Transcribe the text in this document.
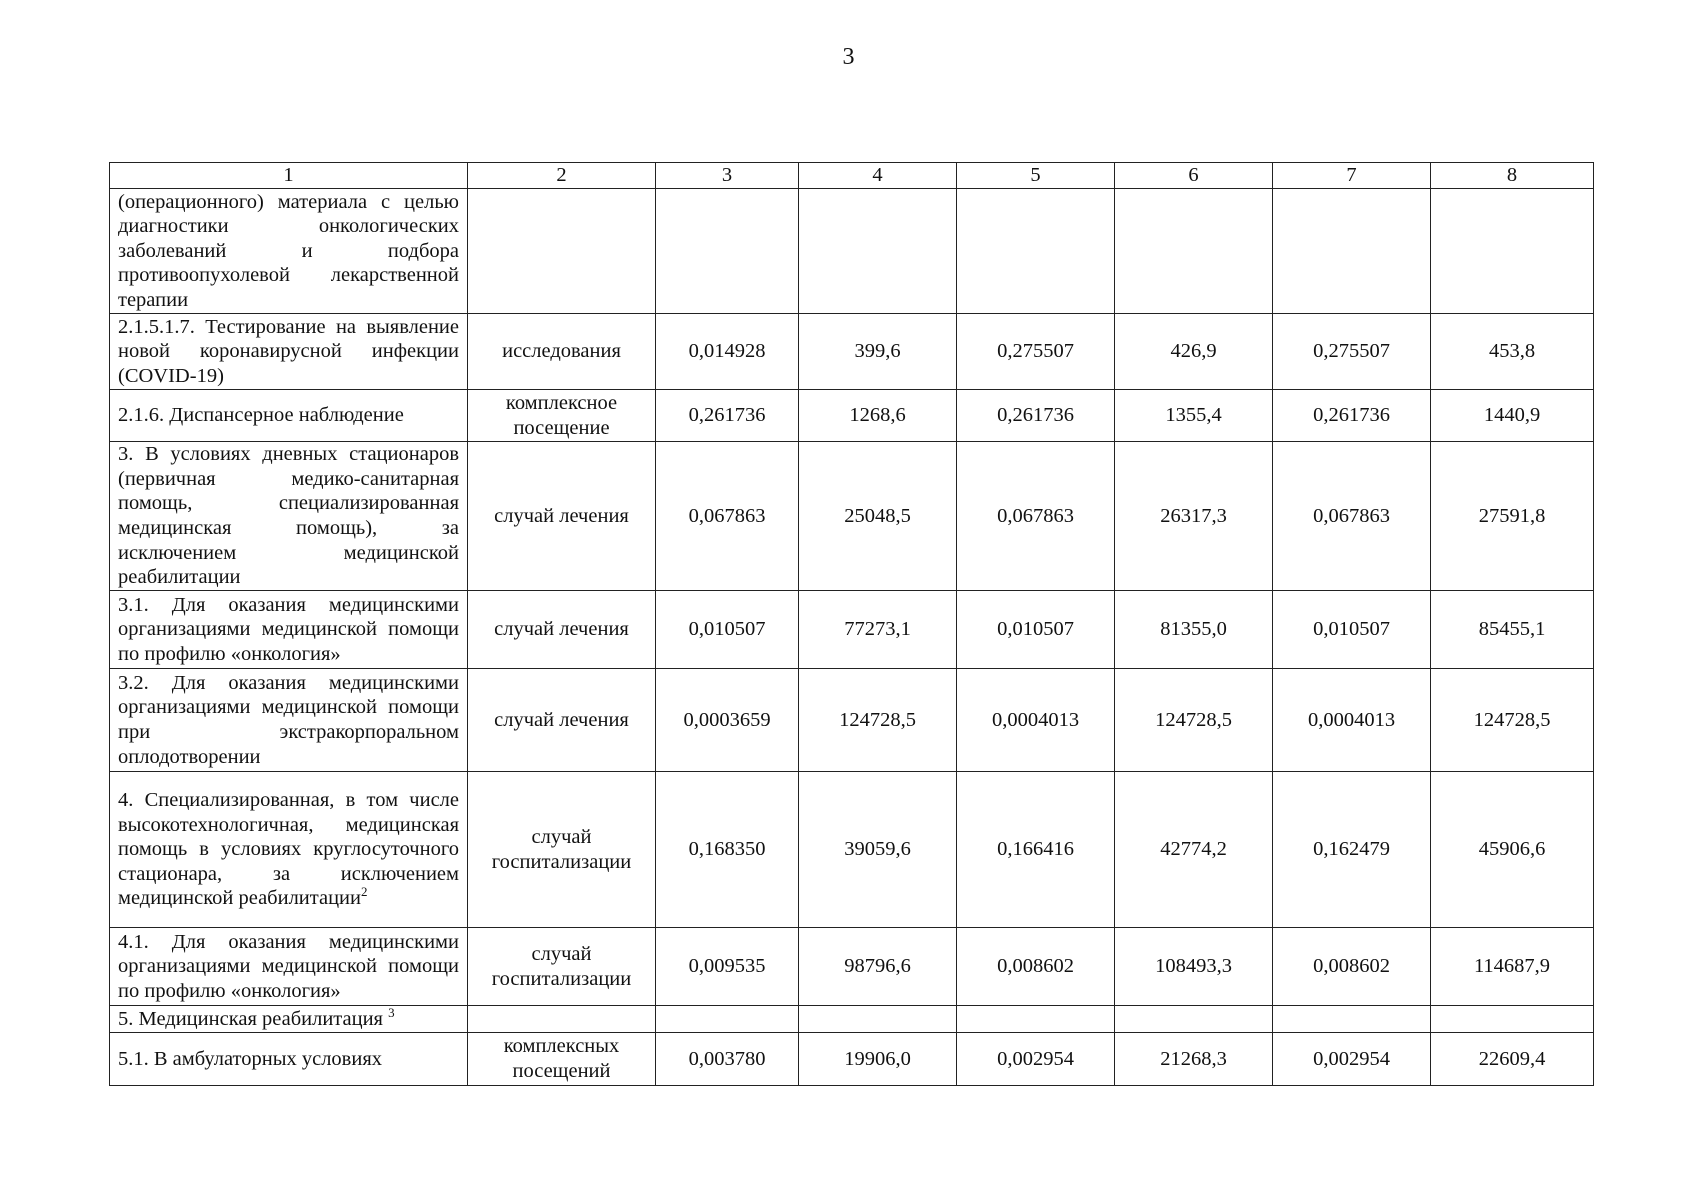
3
1	2	3	4	5	6	7	8
(операционного) материала с целью диагностики онкологических заболеваний и подбора противоопухолевой лекарственной терапии							
2.1.5.1.7. Тестирование на выявление новой коронавирусной инфекции (COVID-19)	исследования	0,014928	399,6	0,275507	426,9	0,275507	453,8
2.1.6. Диспансерное наблюдение	комплексное посещение	0,261736	1268,6	0,261736	1355,4	0,261736	1440,9
3. В условиях дневных стационаров (первичная медико-санитарная помощь, специализированная медицинская помощь), за исключением медицинской реабилитации	случай лечения	0,067863	25048,5	0,067863	26317,3	0,067863	27591,8
3.1. Для оказания медицинскими организациями медицинской помощи по профилю «онкология»	случай лечения	0,010507	77273,1	0,010507	81355,0	0,010507	85455,1
3.2. Для оказания медицинскими организациями медицинской помощи при экстракорпоральном оплодотворении	случай лечения	0,0003659	124728,5	0,0004013	124728,5	0,0004013	124728,5
4. Специализированная, в том числе высокотехнологичная, медицинская помощь в условиях круглосуточного стационара, за исключением медицинской реабилитации$^2$	случай госпитализации	0,168350	39059,6	0,166416	42774,2	0,162479	45906,6
4.1. Для оказания медицинскими организациями медицинской помощи по профилю «онкология»	случай госпитализации	0,009535	98796,6	0,008602	108493,3	0,008602	114687,9
5. Медицинская реабилитация $^3$							
5.1. В амбулаторных условиях	комплексных посещений	0,003780	19906,0	0,002954	21268,3	0,002954	22609,4
